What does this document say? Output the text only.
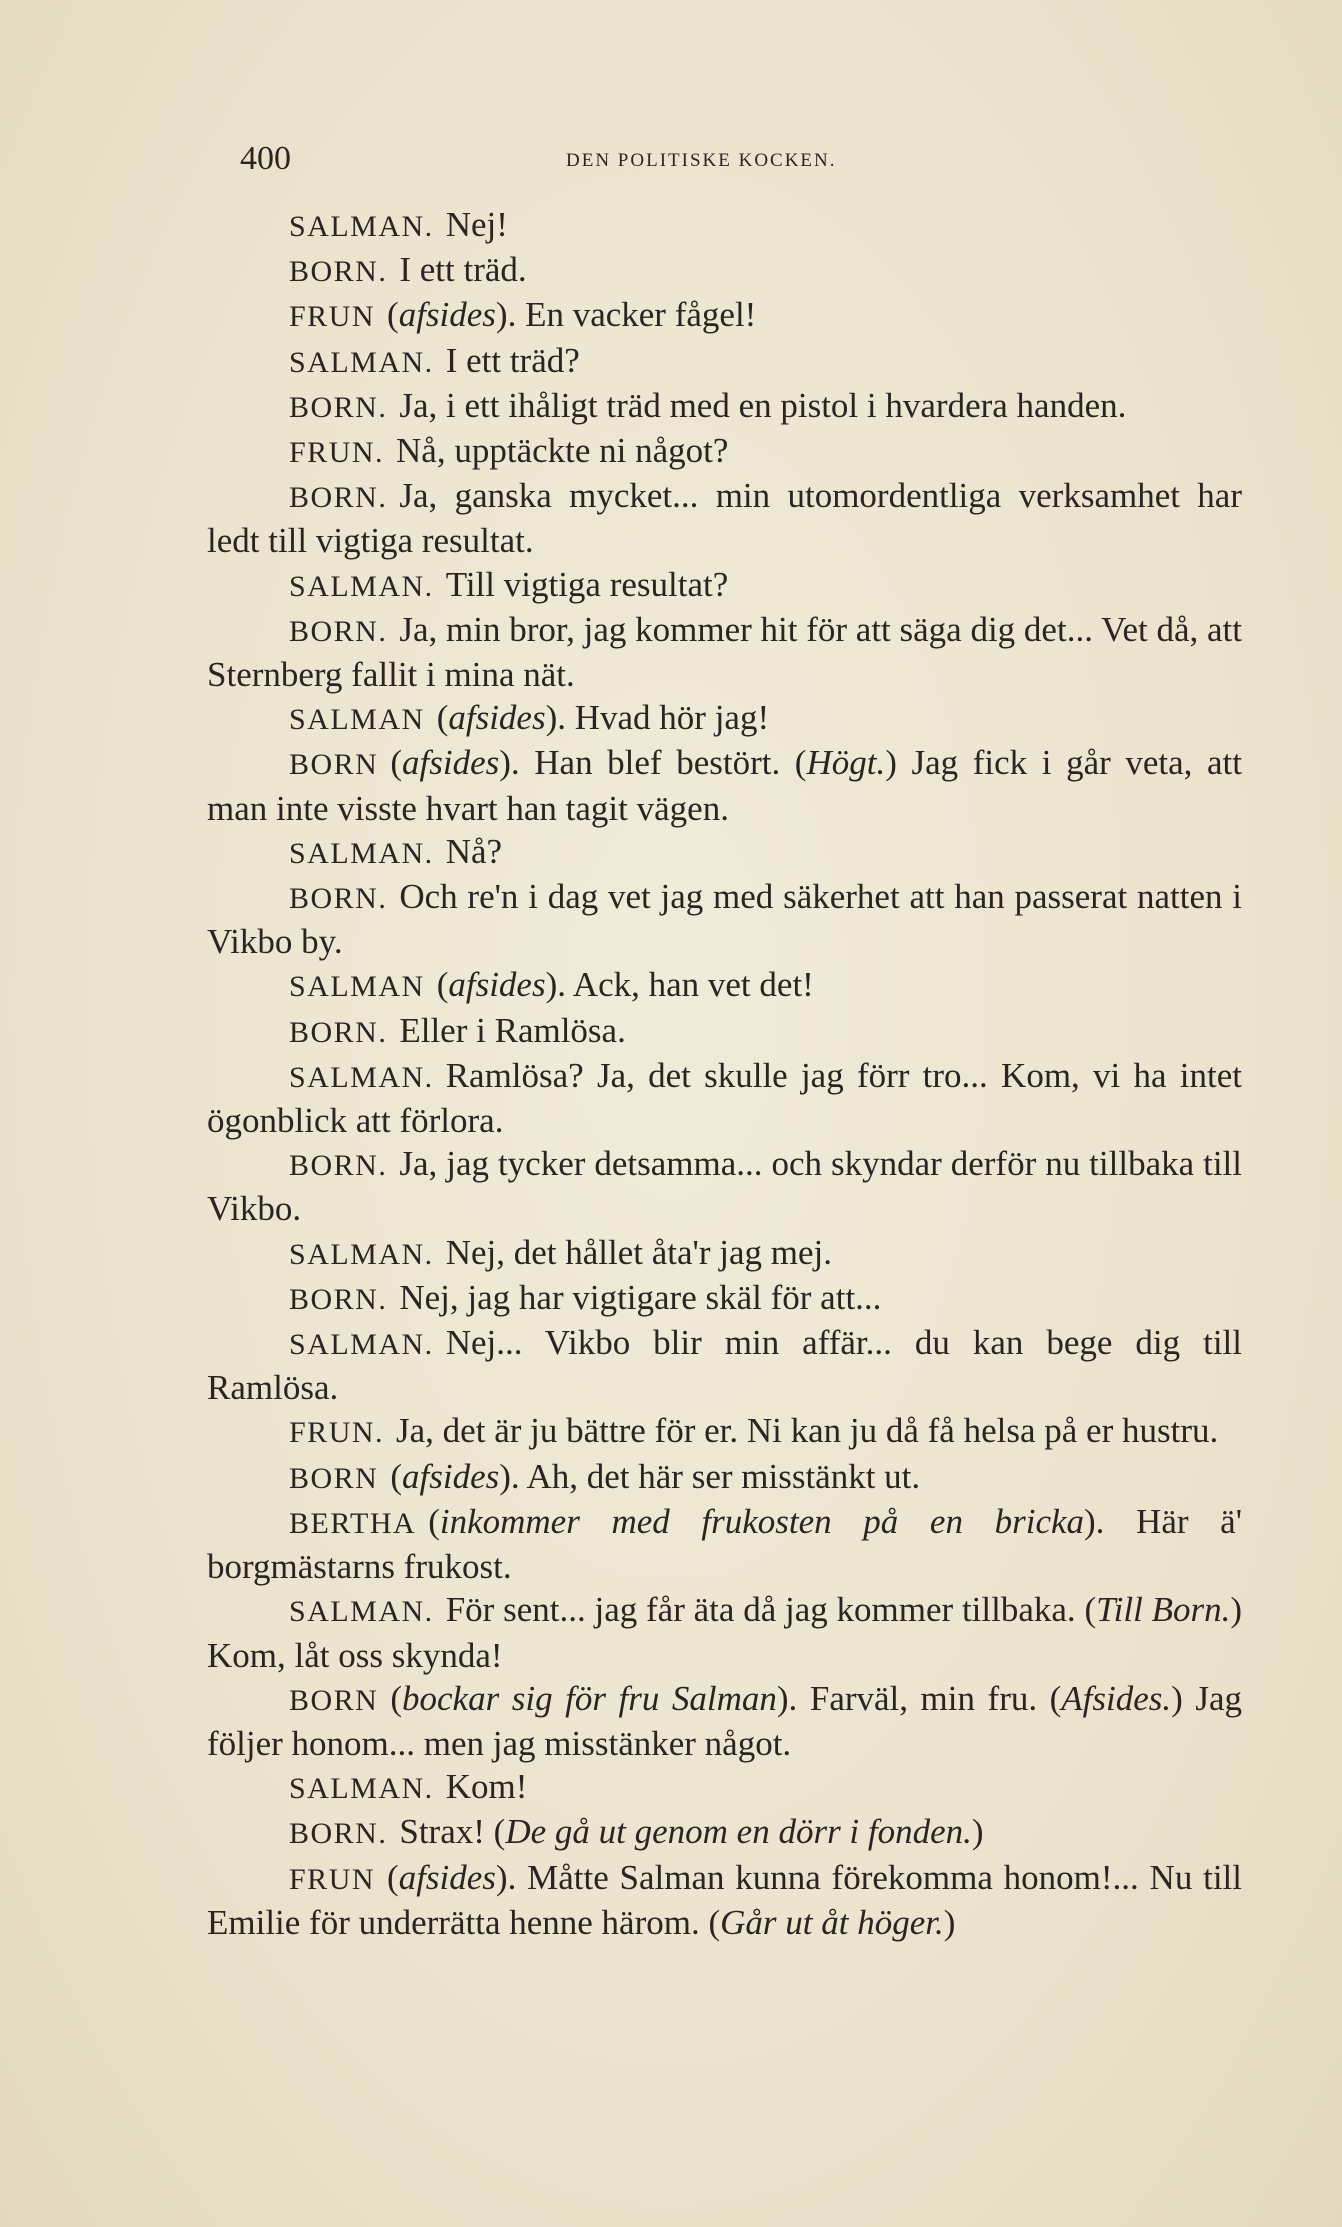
400	DEN POLITISKE KOCKEN.

SALMAN. Nej!

BORN. I ett träd.

FRUN (afsides). En vacker fågel!

SALMAN. I ett träd?

BORN. Ja, i ett ihåligt träd med en pistol i hvardera handen.

FRUN. Nå, upptäckte ni något?

BORN. Ja, ganska mycket... min utomordentliga verksamhet har ledt till vigtiga resultat.

SALMAN. Till vigtiga resultat?

BORN. Ja, min bror, jag kommer hit för att säga dig det... Vet då, att Sternberg fallit i mina nät.

SALMAN (afsides). Hvad hör jag!

BORN (afsides). Han blef bestört. (Högt.) Jag fick i går veta, att man inte visste hvart han tagit vägen.

SALMAN. Nå?

BORN. Och re'n i dag vet jag med säkerhet att han passerat natten i Vikbo by.

SALMAN (afsides). Ack, han vet det!

BORN. Eller i Ramlösa.

SALMAN. Ramlösa? Ja, det skulle jag förr tro... Kom, vi ha intet ögonblick att förlora.

BORN. Ja, jag tycker detsamma... och skyndar derför nu tillbaka till Vikbo.

SALMAN. Nej, det hållet åta'r jag mej.

BORN. Nej, jag har vigtigare skäl för att...

SALMAN. Nej... Vikbo blir min affär... du kan bege dig till Ramlösa.

FRUN. Ja, det är ju bättre för er. Ni kan ju då få helsa på er hustru.

BORN (afsides). Ah, det här ser misstänkt ut.

BERTHA (inkommer med frukosten på en bricka). Här ä' borgmästarns frukost.

SALMAN. För sent... jag får äta då jag kommer tillbaka. (Till Born.) Kom, låt oss skynda!

BORN (bockar sig för fru Salman). Farväl, min fru. (Afsides.) Jag följer honom... men jag misstänker något.

SALMAN. Kom!

BORN. Strax! (De gå ut genom en dörr i fonden.)

FRUN (afsides). Måtte Salman kunna förekomma honom!... Nu till Emilie för underrätta henne härom. (Går ut åt höger.)
